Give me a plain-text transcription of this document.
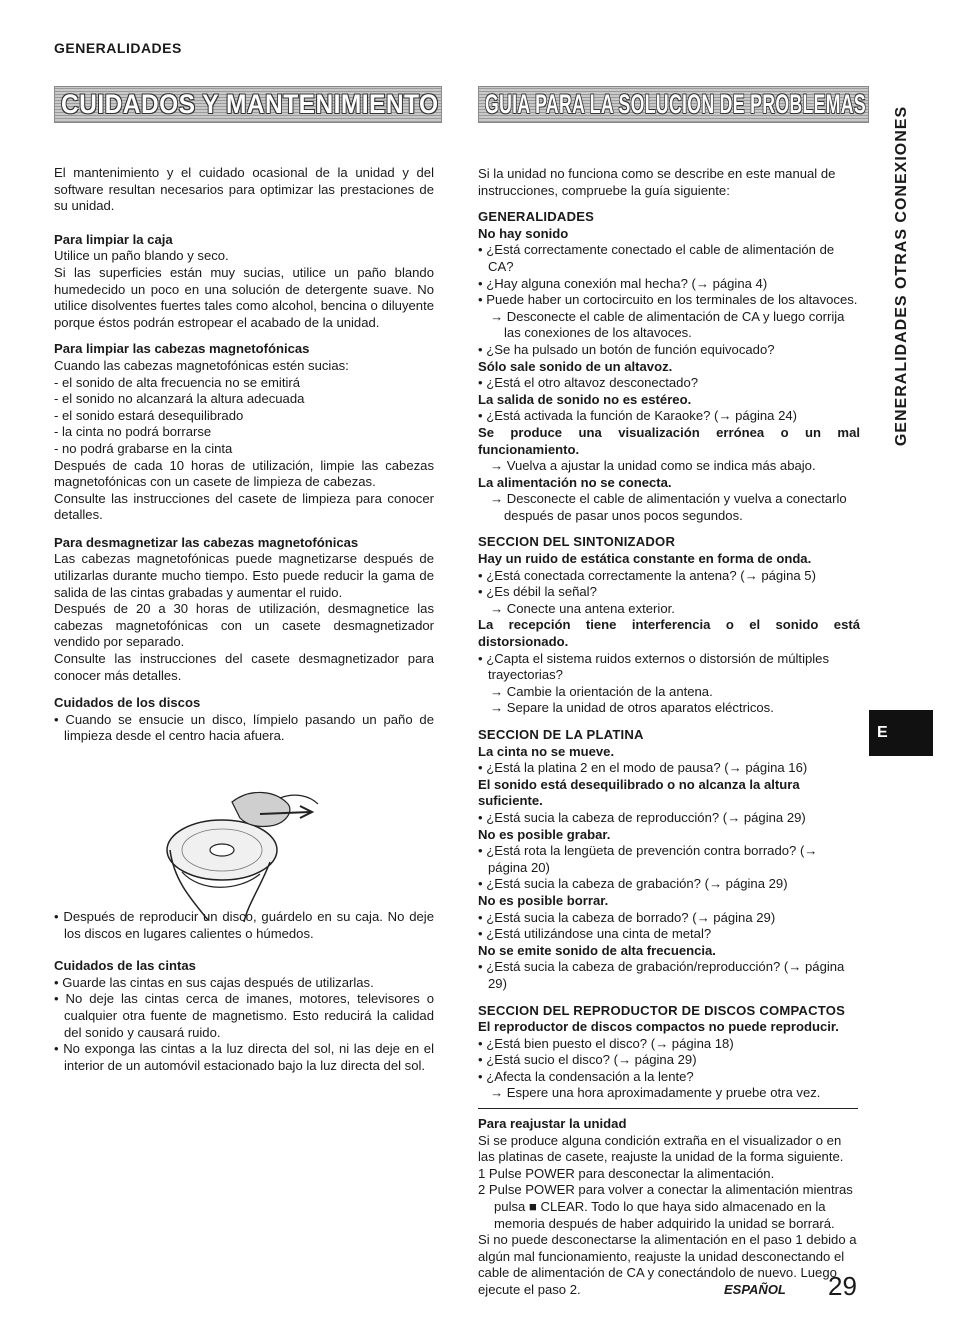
GENERALIDADES
CUIDADOS Y MANTENIMIENTO GUIA PARA LA SOLUCION DE PROBLEMAS
GENERALIDADES OTRAS CONEXIONES
E

El mantenimiento y el cuidado ocasional de la unidad y del software resultan necesarios para optimizar las prestaciones de su unidad.

Para limpiar la caja

Utilice un paño blando y seco.

Si las superficies están muy sucias, utilice un paño blando humedecido un poco en una solución de detergente suave. No utilice disolventes fuertes tales como alcohol, bencina o diluyente porque éstos podrán estropear el acabado de la unidad.

Para limpiar las cabezas magnetofónicas

Cuando las cabezas magnetofónicas estén sucias:

- el sonido de alta frecuencia no se emitirá

- el sonido no alcanzará la altura adecuada

- el sonido estará desequilibrado

- la cinta no podrá borrarse

- no podrá grabarse en la cinta

Después de cada 10 horas de utilización, limpie las cabezas magnetofónicas con un casete de limpieza de cabezas.

Consulte las instrucciones del casete de limpieza para conocer detalles.

Para desmagnetizar las cabezas magnetofónicas

Las cabezas magnetofónicas puede magnetizarse después de utilizarlas durante mucho tiempo. Esto puede reducir la gama de salida de las cintas grabadas y aumentar el ruido.

Después de 20 a 30 horas de utilización, desmagnetice las cabezas magnetofónicas con un casete desmagnetizador vendido por separado.

Consulte las instrucciones del casete desmagnetizador para conocer más detalles.

Cuidados de los discos

• Cuando se ensucie un disco, límpielo pasando un paño de limpieza desde el centro hacia afuera.

• Después de reproducir un disco, guárdelo en su caja. No deje los discos en lugares calientes o húmedos.

Cuidados de las cintas

• Guarde las cintas en sus cajas después de utilizarlas.

• No deje las cintas cerca de imanes, motores, televisores o cualquier otra fuente de magnetismo. Esto reducirá la calidad del sonido y causará ruido.

• No exponga las cintas a la luz directa del sol, ni las deje en el interior de un automóvil estacionado bajo la luz directa del sol.

Si la unidad no funciona como se describe en este manual de instrucciones, compruebe la guía siguiente:

GENERALIDADES

No hay sonido

• ¿Está correctamente conectado el cable de alimentación de CA?

• ¿Hay alguna conexión mal hecha? (→ página 4)

• Puede haber un cortocircuito en los terminales de los altavoces.

→ Desconecte el cable de alimentación de CA y luego corrija las conexiones de los altavoces.

• ¿Se ha pulsado un botón de función equivocado?

Sólo sale sonido de un altavoz.

• ¿Está el otro altavoz desconectado?

La salida de sonido no es estéreo.

• ¿Está activada la función de Karaoke? (→ página 24)

Se produce una visualización errónea o un mal funcionamiento.

→ Vuelva a ajustar la unidad como se indica más abajo.

La alimentación no se conecta.

→ Desconecte el cable de alimentación y vuelva a conectarlo después de pasar unos pocos segundos.

SECCION DEL SINTONIZADOR

Hay un ruido de estática constante en forma de onda.

• ¿Está conectada correctamente la antena? (→ página 5)

• ¿Es débil la señal?

→ Conecte una antena exterior.

La recepción tiene interferencia o el sonido está distorsionado.

• ¿Capta el sistema ruidos externos o distorsión de múltiples trayectorias?

→ Cambie la orientación de la antena.

→ Separe la unidad de otros aparatos eléctricos.

SECCION DE LA PLATINA

La cinta no se mueve.

• ¿Está la platina 2 en el modo de pausa? (→ página 16)

El sonido está desequilibrado o no alcanza la altura suficiente.

• ¿Está sucia la cabeza de reproducción? (→ página 29)

No es posible grabar.

• ¿Está rota la lengüeta de prevención contra borrado? (→ página 20)

• ¿Está sucia la cabeza de grabación? (→ página 29)

No es posible borrar.

• ¿Está sucia la cabeza de borrado? (→ página 29)

• ¿Está utilizándose una cinta de metal?

No se emite sonido de alta frecuencia.

• ¿Está sucia la cabeza de grabación/reproducción? (→ página 29)

SECCION DEL REPRODUCTOR DE DISCOS COMPACTOS

El reproductor de discos compactos no puede reproducir.

• ¿Está bien puesto el disco? (→ página 18)

• ¿Está sucio el disco? (→ página 29)

• ¿Afecta la condensación a la lente?

→ Espere una hora aproximadamente y pruebe otra vez.

Para reajustar la unidad

Si se produce alguna condición extraña en el visualizador o en las platinas de casete, reajuste la unidad de la forma siguiente.

1 Pulse POWER para desconectar la alimentación.

2 Pulse POWER para volver a conectar la alimentación mientras pulsa ■ CLEAR. Todo lo que haya sido almacenado en la memoria después de haber adquirido la unidad se borrará.

Si no puede desconectarse la alimentación en el paso 1 debido a algún mal funcionamiento, reajuste la unidad desconectando el cable de alimentación de CA y conectándolo de nuevo. Luego ejecute el paso 2.	ESPAÑOL 29
